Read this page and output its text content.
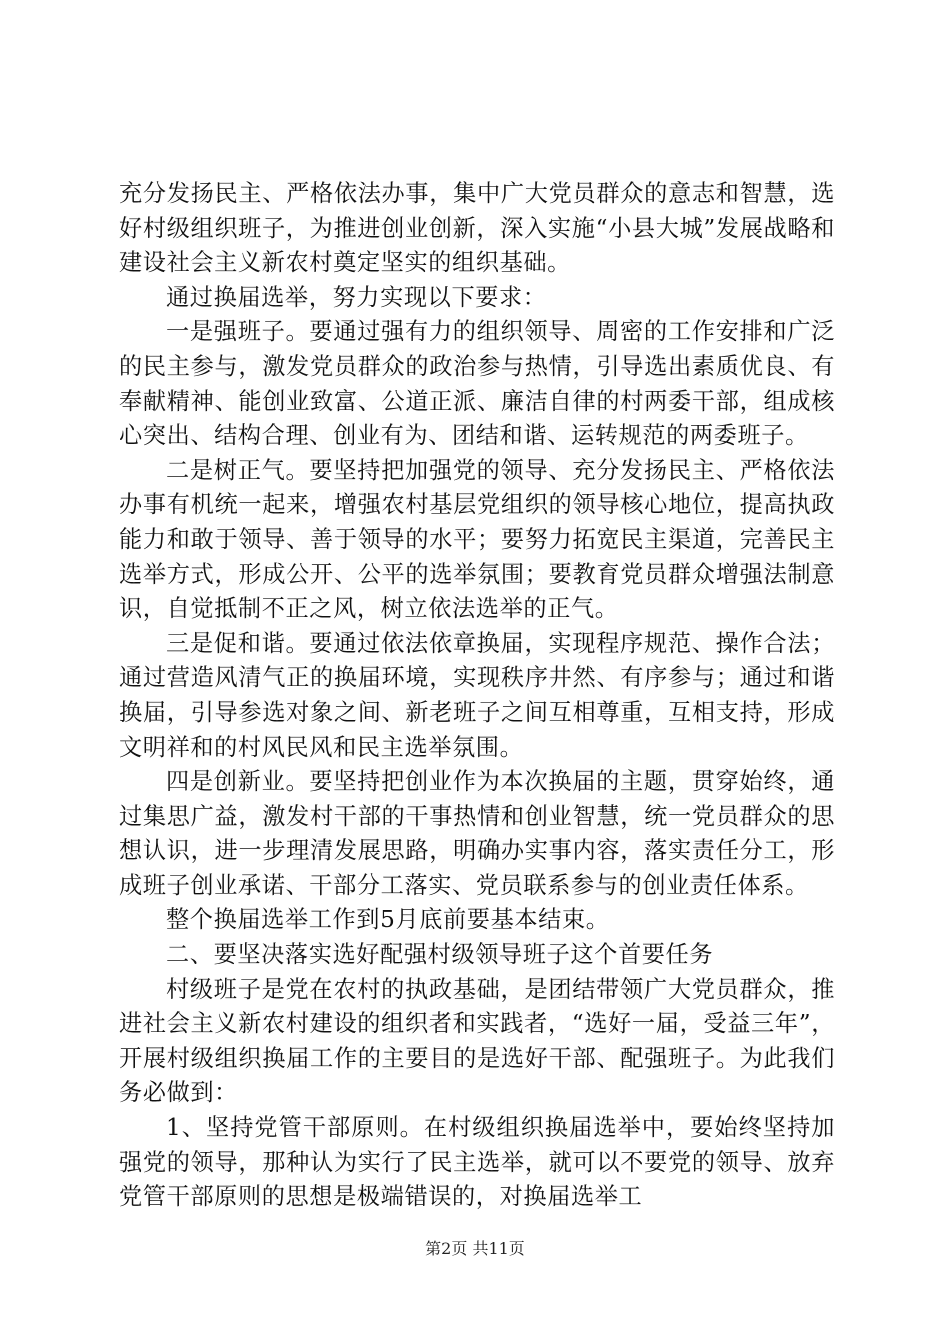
充分发扬民主、严格依法办事，集中广大党员群众的意志和智慧，选好村级组织班子，为推进创业创新，深入实施“小县大城”发展战略和建设社会主义新农村奠定坚实的组织基础。

通过换届选举，努力实现以下要求：

一是强班子。要通过强有力的组织领导、周密的工作安排和广泛的民主参与，激发党员群众的政治参与热情，引导选出素质优良、有奉献精神、能创业致富、公道正派、廉洁自律的村两委干部，组成核心突出、结构合理、创业有为、团结和谐、运转规范的两委班子。

二是树正气。要坚持把加强党的领导、充分发扬民主、严格依法办事有机统一起来，增强农村基层党组织的领导核心地位，提高执政能力和敢于领导、善于领导的水平；要努力拓宽民主渠道，完善民主选举方式，形成公开、公平的选举氛围；要教育党员群众增强法制意识，自觉抵制不正之风，树立依法选举的正气。

三是促和谐。要通过依法依章换届，实现程序规范、操作合法；通过营造风清气正的换届环境，实现秩序井然、有序参与；通过和谐换届，引导参选对象之间、新老班子之间互相尊重，互相支持，形成文明祥和的村风民风和民主选举氛围。

四是创新业。要坚持把创业作为本次换届的主题，贯穿始终，通过集思广益，激发村干部的干事热情和创业智慧，统一党员群众的思想认识，进一步理清发展思路，明确办实事内容，落实责任分工，形成班子创业承诺、干部分工落实、党员联系参与的创业责任体系。

整个换届选举工作到5月底前要基本结束。

二、要坚决落实选好配强村级领导班子这个首要任务

村级班子是党在农村的执政基础，是团结带领广大党员群众，推进社会主义新农村建设的组织者和实践者，“选好一届，受益三年”，开展村级组织换届工作的主要目的是选好干部、配强班子。为此我们务必做到：

1、坚持党管干部原则。在村级组织换届选举中，要始终坚持加强党的领导，那种认为实行了民主选举，就可以不要党的领导、放弃党管干部原则的思想是极端错误的，对换届选举工

第2页 共11页
